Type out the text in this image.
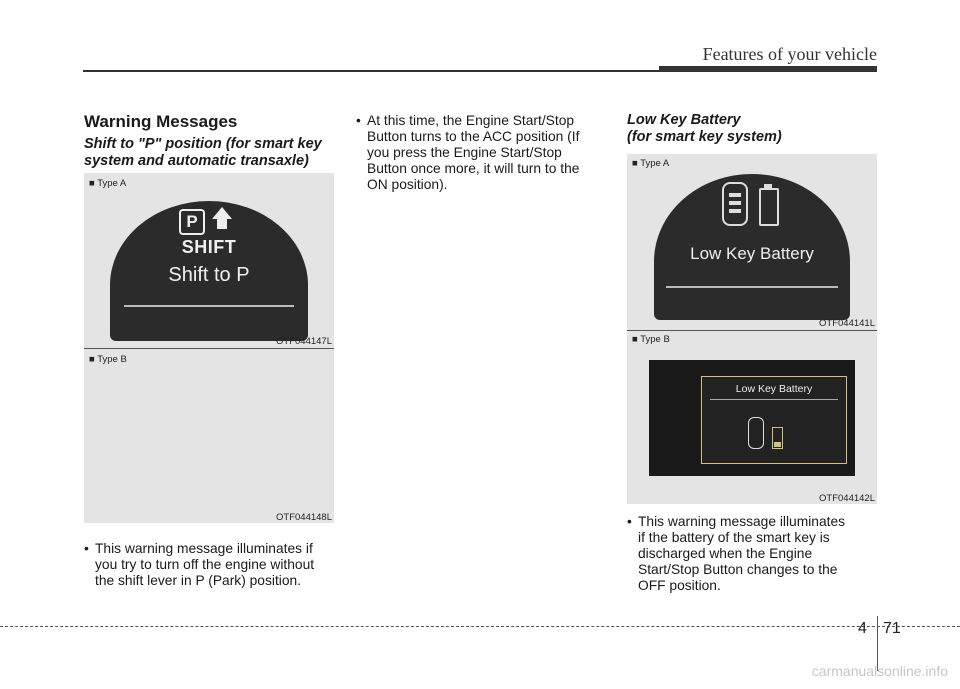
Features of your vehicle

Warning Messages

Shift to "P" position (for smart key
system and automatic transaxle)

■ Type A
P
SHIFT
Shift to P
OTF044147L
■ Type B
OTF044148L
• This warning message illuminates if
you try to turn off the engine without
the shift lever in P (Park) position.
• At this time, the Engine Start/Stop
Button turns to the ACC position (If
you press the Engine Start/Stop
Button once more, it will turn to the
ON position).

Low Key Battery
(for smart key system)

■ Type A
Low Key Battery
OTF044141L
■ Type B
Low Key Battery
OTF044142L
• This warning message illuminates
if the battery of the smart key is
discharged when the Engine
Start/Stop Button changes to the
OFF position.
4 71
carmanualsonline.info
